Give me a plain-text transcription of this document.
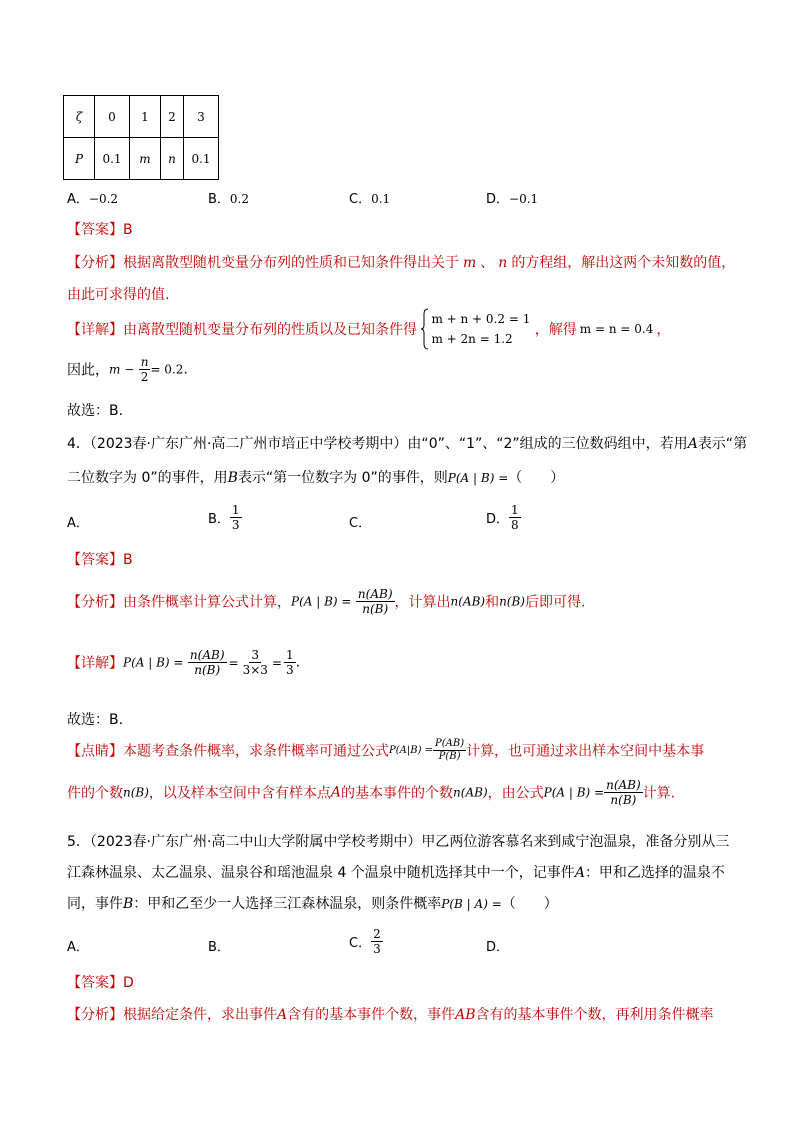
ζ	0	1	2	3
P	0.1	m	n	0.1
A．−0.2	B．0.2	C．0.1	D．−0.1
【答案】B
【分析】根据离散型随机变量分布列的性质和已知条件得出关于 m 、 n 的方程组，解出这两个未知数的值，
由此可求得的值.
【详解】由离散型随机变量分布列的性质以及已知条件得
m + n + 0.2 = 1
m + 2n = 1.2
，解得 m = n = 0.4 ，
因此，$m - \frac{n}{2} = 0.2$.
故选：B.
4．（2023春·广东广州·高二广州市培正中学校考期中）由“0”、“1”、“2”组成的三位数码组中，若用A表示“第
二位数字为 0”的事件，用B表示“第一位数字为 0”的事件，则P(A | B) =（　　）
A．	B． $\frac{1}{3}$	C．	D． $\frac{1}{8}$
【答案】B
【分析】由条件概率计算公式计算，P(A | $B) = \frac{n(AB)}{n(B)}$ ，计算出n(AB)和n(B)后即可得.
【详解】P(A | $B) = \frac{n(AB)}{n(B)} = \frac{3}{3\times 3} = \frac{1}{3}$ .
故选：B.
【点睛】本题考查条件概率，求条件概率可通过公式$P(A|B) = \frac{P(AB)}{P(B)}$ 计算，也可通过求出样本空间中基本事
件的个数n(B)，以及样本空间中含有样本点A的基本事件的个数n(AB)，由公式P(A | $B) = \frac{n(AB)}{n(B)}$ 计算.
5．（2023春·广东广州·高二中山大学附属中学校考期中）甲乙两位游客慕名来到咸宁泡温泉，准备分别从三
江森林温泉、太乙温泉、温泉谷和瑶池温泉 4 个温泉中随机选择其中一个，记事件A：甲和乙选择的温泉不
同，事件B：甲和乙至少一人选择三江森林温泉，则条件概率P(B | A) =（　　）
A．	B．	C． $\frac{2}{3}$	D．
【答案】D
【分析】根据给定条件，求出事件A含有的基本事件个数，事件AB含有的基本事件个数，再利用条件概率
